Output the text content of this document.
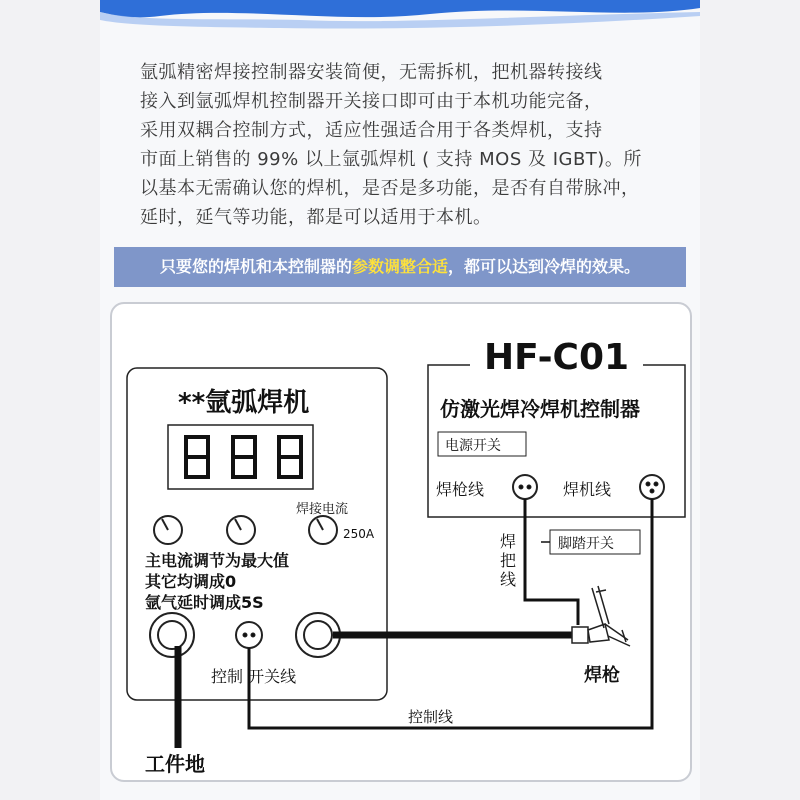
氩弧精密焊接控制器安装简便，无需拆机，把机器转接线
接入到氩弧焊机控制器开关接口即可由于本机功能完备，
采用双耦合控制方式，适应性强适合用于各类焊机，支持
市面上销售的 99% 以上氩弧焊机 ( 支持 MOS 及 IGBT)。所
以基本无需确认您的焊机，是否是多功能，是否有自带脉冲，
延时，延气等功能，都是可以适用于本机。
只要您的焊机和本控制器的参数调整合适，都可以达到冷焊的效果。
**氩弧焊机
焊接电流
250A
主电流调节为最大值
其它均调成0
氩气延时调成5S
控制 开关线
HF-C01
仿激光焊冷焊机控制器
电源开关
焊枪线	焊机线
焊把线
脚踏开关
焊枪
控制线
工件地
